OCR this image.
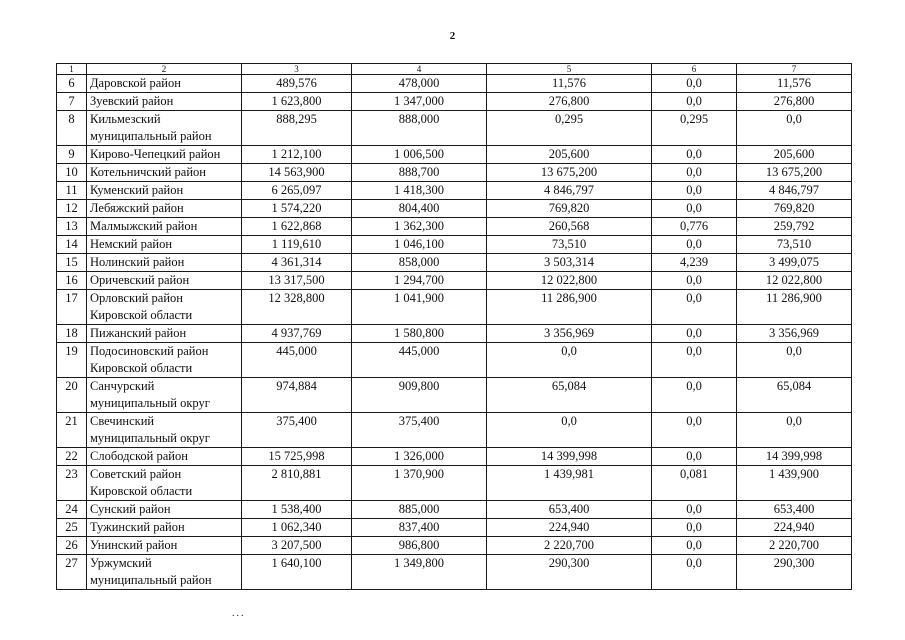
2
1	2	3	4	5	6	7
6	Даровской район	489,576	478,000	11,576	0,0	11,576
7	Зуевский район	1 623,800	1 347,000	276,800	0,0	276,800
8	Кильмезский
муниципальный район	888,295	888,000	0,295	0,295	0,0
9	Кирово-Чепецкий район	1 212,100	1 006,500	205,600	0,0	205,600
10	Котельничский район	14 563,900	888,700	13 675,200	0,0	13 675,200
11	Куменский район	6 265,097	1 418,300	4 846,797	0,0	4 846,797
12	Лебяжский район	1 574,220	804,400	769,820	0,0	769,820
13	Малмыжский район	1 622,868	1 362,300	260,568	0,776	259,792
14	Немский район	1 119,610	1 046,100	73,510	0,0	73,510
15	Нолинский район	4 361,314	858,000	3 503,314	4,239	3 499,075
16	Оричевский район	13 317,500	1 294,700	12 022,800	0,0	12 022,800
17	Орловский район
Кировской области	12 328,800	1 041,900	11 286,900	0,0	11 286,900
18	Пижанский район	4 937,769	1 580,800	3 356,969	0,0	3 356,969
19	Подосиновский район
Кировской области	445,000	445,000	0,0	0,0	0,0
20	Санчурский
муниципальный округ	974,884	909,800	65,084	0,0	65,084
21	Свечинский
муниципальный округ	375,400	375,400	0,0	0,0	0,0
22	Слободской район	15 725,998	1 326,000	14 399,998	0,0	14 399,998
23	Советский район
Кировской области	2 810,881	1 370,900	1 439,981	0,081	1 439,900
24	Сунский район	1 538,400	885,000	653,400	0,0	653,400
25	Тужинский район	1 062,340	837,400	224,940	0,0	224,940
26	Унинский район	3 207,500	986,800	2 220,700	0,0	2 220,700
27	Уржумский
муниципальный район	1 640,100	1 349,800	290,300	0,0	290,300
...
